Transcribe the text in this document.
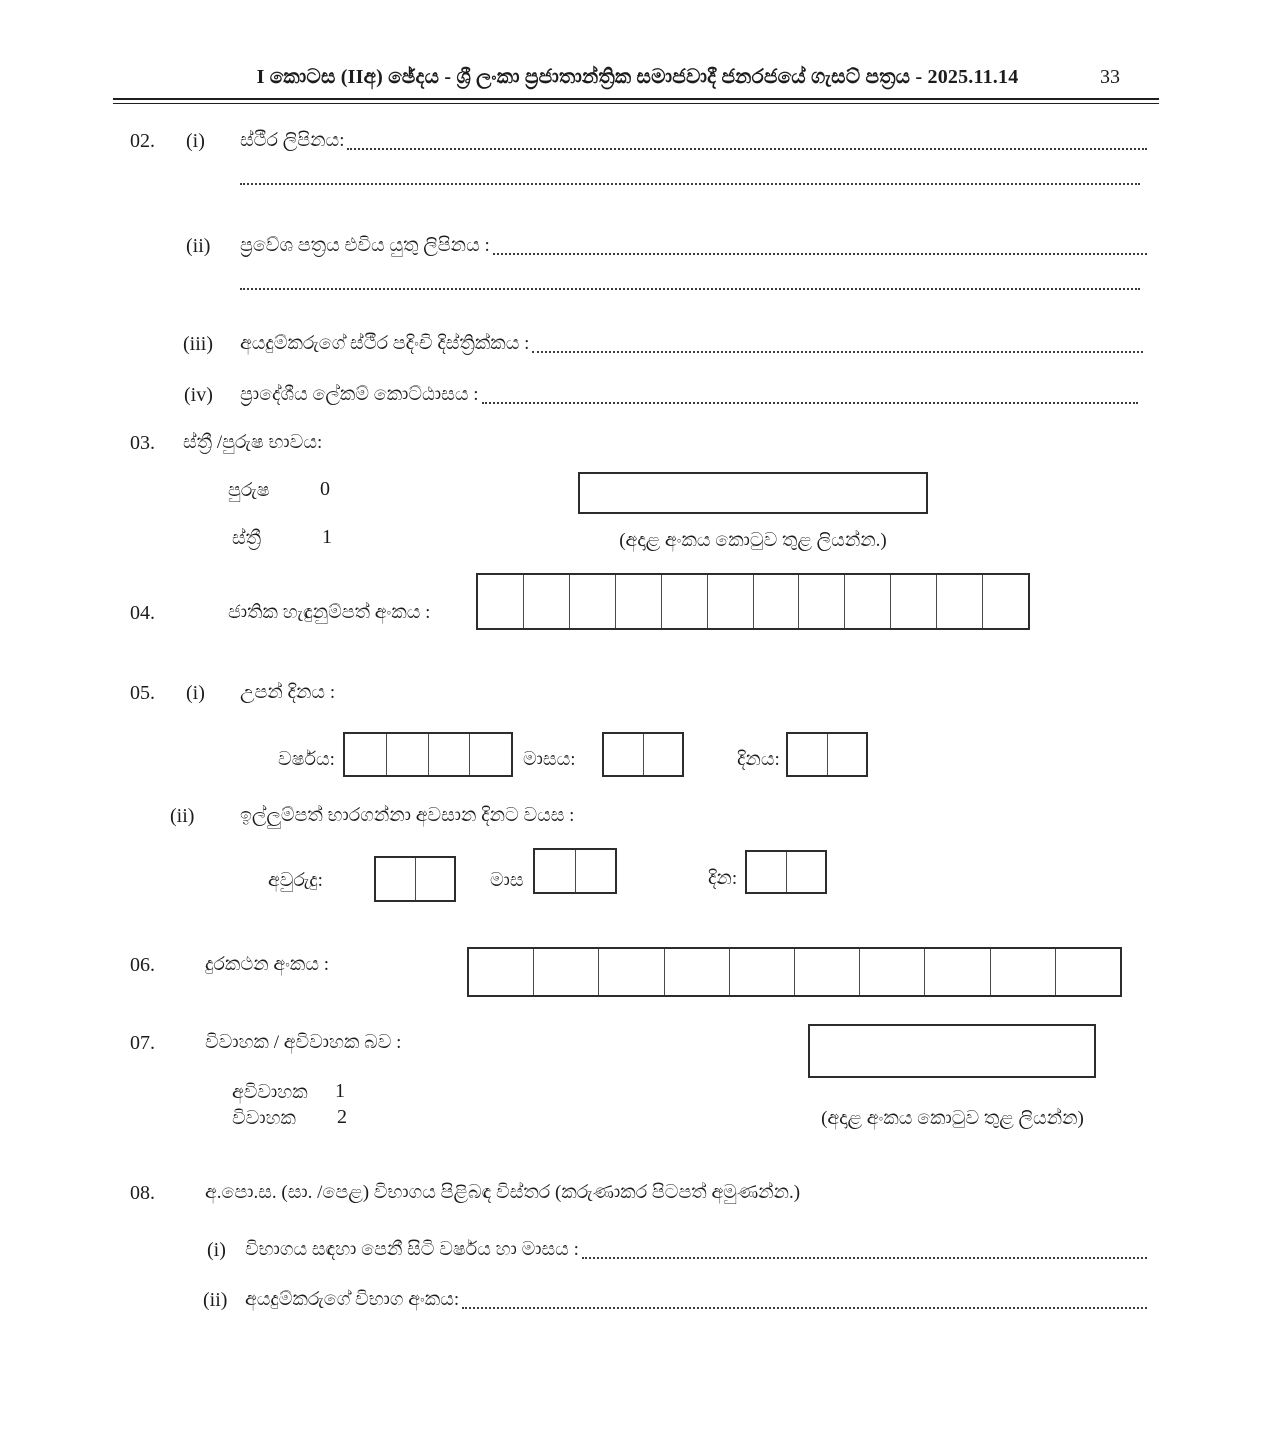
I කොටස (IIඅ) ඡේදය - ශ්‍රී ලංකා ප්‍රජාතාන්ත්‍රික සමාජවාදී ජනරජයේ ගැසට් පත්‍රය - 2025.11.14	33
02. (i) ස්ථීර ලිපිනය:
(ii) ප්‍රවේශ පත්‍රය එවිය යුතු ලිපිනය :
(iii) අයදුම්කරුගේ ස්ථීර පදිංචි දිස්ත්‍රික්කය :
(iv) ප්‍රාදේශීය ලේකම් කොට්ඨාසය :
03. ස්ත්‍රී /පුරුෂ භාවය:
පුරුෂ	0
ස්ත්‍රී	1	(අදාළ අංකය කොටුව තුළ ලියන්න.)
04.	ජාතික හැඳුනුම්පත් අංකය :
05. (i) උපන් දිනය :
වර්ෂය:	මාසය:	දිනය:
(ii) ඉල්ලුම්පත් භාරගන්නා අවසාන දිනට වයස :
අවුරුදු:	මාස	දින:
06.	දුරකථන අංකය :
07.	විවාහක / අවිවාහක බව :
අවිවාහක 1
විවාහක 2	(අදාළ අංකය කොටුව තුළ ලියන්න)
08.	අ.පො.ස. (සා. /පෙළ) විභාගය පිළිබඳ විස්තර (කරුණාකර පිටපත් අමුණන්න.)
(i) විභාගය සඳහා පෙනී සිටි වර්ෂය හා මාසය :
(ii) අයදුම්කරුගේ විභාග අංකය:
